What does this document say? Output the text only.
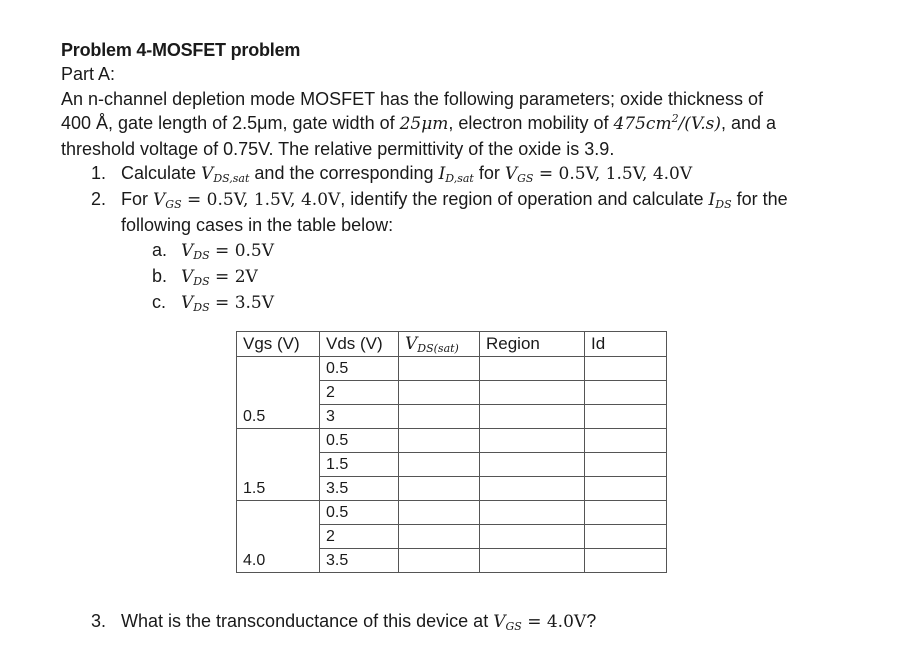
Problem 4-MOSFET problem
Part A:
An n-channel depletion mode MOSFET has the following parameters; oxide thickness of
400 Å, gate length of 2.5μm, gate width of 25μm, electron mobility of $475cm^2/(V.s)$, and a
threshold voltage of 0.75V. The relative permittivity of the oxide is 3.9.
1. Calculate $V_{DS,sat}$ and the corresponding $I_{D,sat}$ for $V_{GS} = 0.5V$, 1.5V, 4.0V
2. For $V_{GS} = 0.5V$, 1.5V, 4.0V, identify the region of operation and calculate $I_{DS}$ for the
following cases in the table below:
a. $V_{DS} = 0.5V$
b. $V_{DS} = 2V$
c. $V_{DS} = 3.5V$
Vgs (V)	Vds (V)	$V_{DS(sat)}$	Region	Id
0.5	0.5			
	2			
	3			
1.5	0.5			
	1.5			
	3.5			
4.0	0.5			
	2			
	3.5			
3. What is the transconductance of this device at $V_{GS} = 4.0V$?
